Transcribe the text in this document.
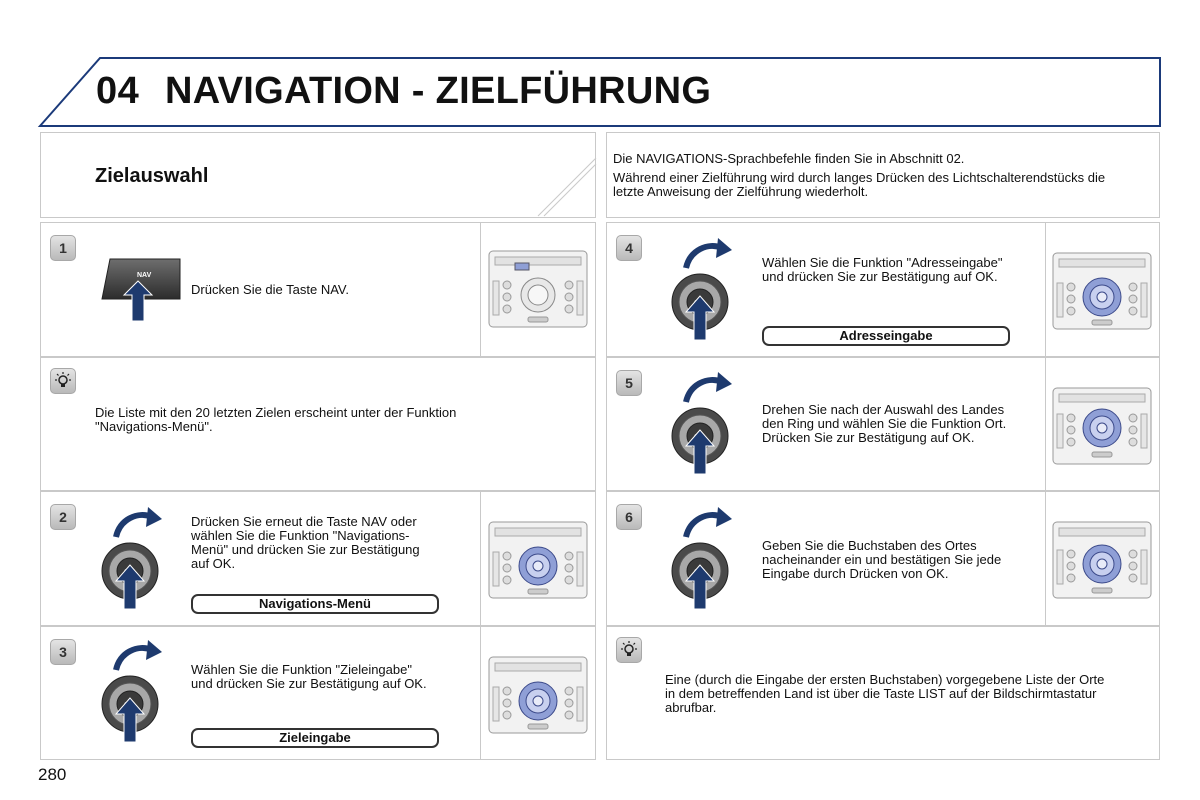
04 NAVIGATION - ZIELFÜHRUNG
Zielauswahl
Die NAVIGATIONS-Sprachbefehle finden Sie in Abschnitt 02.
Während einer Zielführung wird durch langes Drücken des Lichtschalterendstücks die
letzte Anweisung der Zielführung wiederholt.
1
NAV
Drücken Sie die Taste NAV.
Die Liste mit den 20 letzten Zielen erscheint unter der Funktion
"Navigations-Menü".
2	Drücken Sie erneut die Taste NAV oder
wählen Sie die Funktion "Navigations-
Menü" und drücken Sie zur Bestätigung
auf OK.
Navigations-Menü
3
Wählen Sie die Funktion "Zieleingabe"
und drücken Sie zur Bestätigung auf OK.
Zieleingabe
4
Wählen Sie die Funktion "Adresseingabe"
und drücken Sie zur Bestätigung auf OK.
Adresseingabe
5
Drehen Sie nach der Auswahl des Landes
den Ring und wählen Sie die Funktion Ort.
Drücken Sie zur Bestätigung auf OK.
6
Geben Sie die Buchstaben des Ortes
nacheinander ein und bestätigen Sie jede
Eingabe durch Drücken von OK.
Eine (durch die Eingabe der ersten Buchstaben) vorgegebene Liste der Orte
in dem betreffenden Land ist über die Taste LIST auf der Bildschirmtastatur
abrufbar.
280
